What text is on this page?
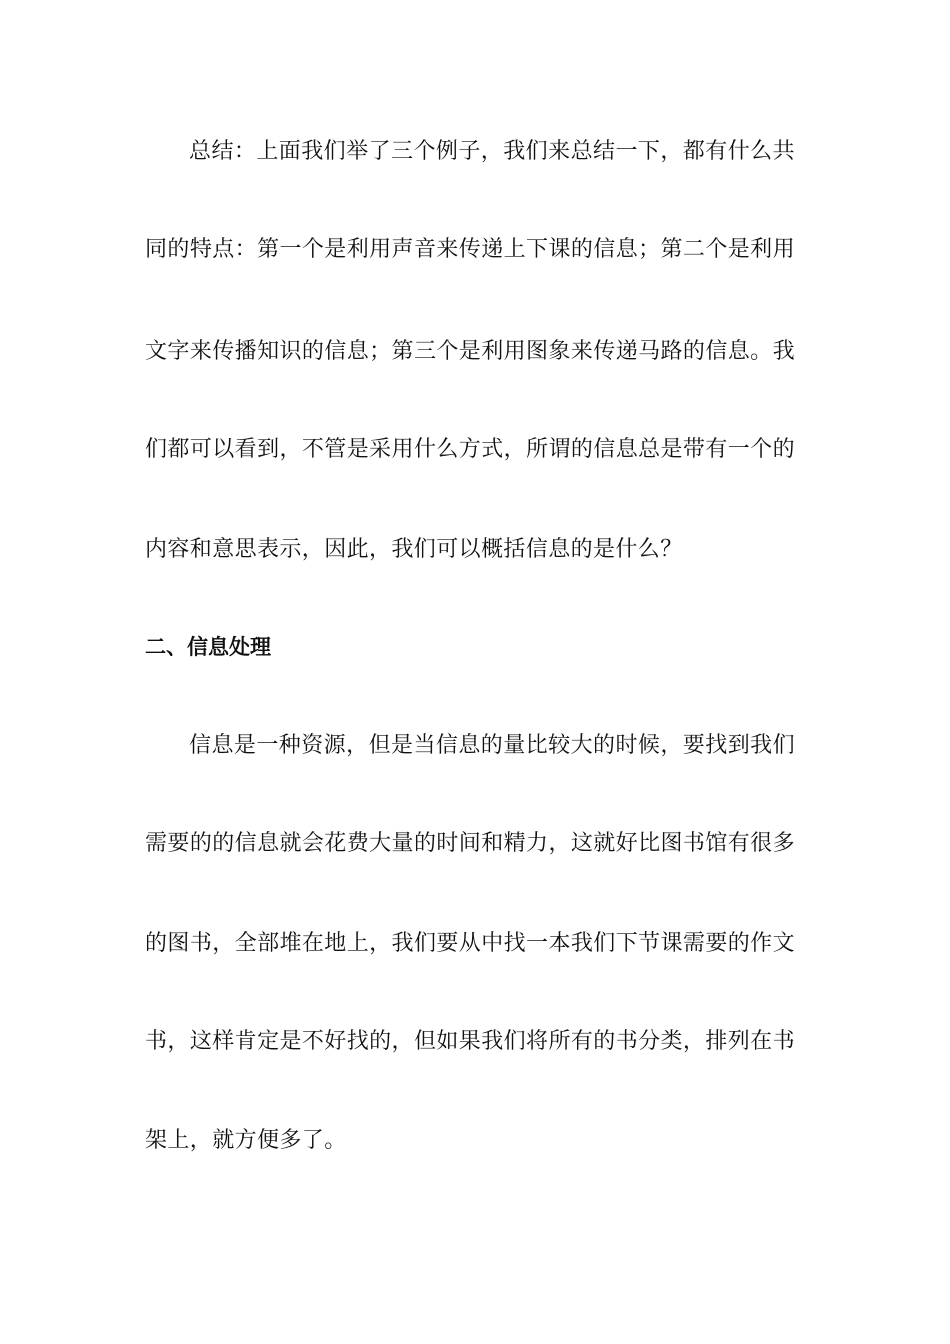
总结：上面我们举了三个例子，我们来总结一下，都有什么共
同的特点：第一个是利用声音来传递上下课的信息；第二个是利用
文字来传播知识的信息；第三个是利用图象来传递马路的信息。我
们都可以看到，不管是采用什么方式，所谓的信息总是带有一个的
内容和意思表示，因此，我们可以概括信息的是什么？
二、信息处理
信息是一种资源，但是当信息的量比较大的时候，要找到我们
需要的的信息就会花费大量的时间和精力，这就好比图书馆有很多
的图书，全部堆在地上，我们要从中找一本我们下节课需要的作文
书，这样肯定是不好找的，但如果我们将所有的书分类，排列在书
架上，就方便多了。
